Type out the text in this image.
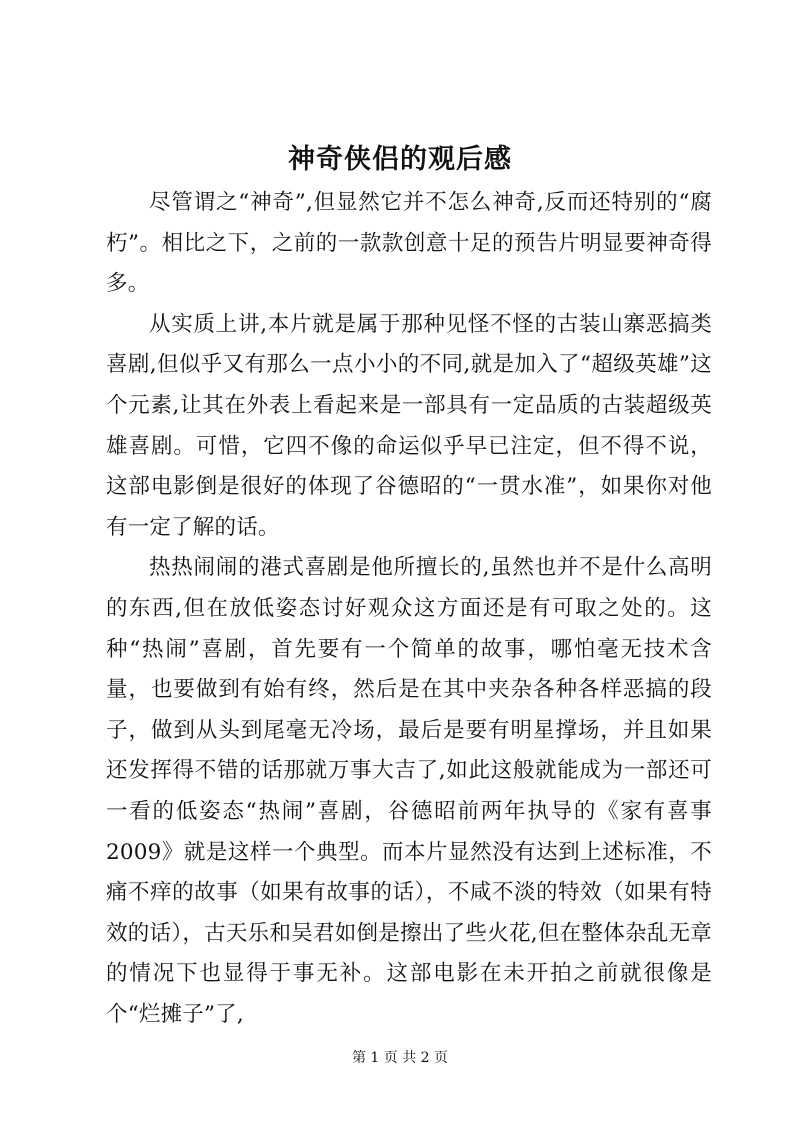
神奇侠侣的观后感

尽管谓之“神奇”,但显然它并不怎么神奇,反而还特别的“腐朽”。相比之下，之前的一款款创意十足的预告片明显要神奇得多。

从实质上讲,本片就是属于那种见怪不怪的古装山寨恶搞类喜剧,但似乎又有那么一点小小的不同,就是加入了“超级英雄”这个元素,让其在外表上看起来是一部具有一定品质的古装超级英雄喜剧。可惜，它四不像的命运似乎早已注定，但不得不说，这部电影倒是很好的体现了谷德昭的“一贯水准”，如果你对他有一定了解的话。

热热闹闹的港式喜剧是他所擅长的,虽然也并不是什么高明的东西,但在放低姿态讨好观众这方面还是有可取之处的。这种“热闹”喜剧，首先要有一个简单的故事，哪怕毫无技术含量，也要做到有始有终，然后是在其中夹杂各种各样恶搞的段子，做到从头到尾毫无冷场，最后是要有明星撑场，并且如果还发挥得不错的话那就万事大吉了,如此这般就能成为一部还可一看的低姿态“热闹”喜剧，谷德昭前两年执导的《家有喜事2009》就是这样一个典型。而本片显然没有达到上述标准，不痛不痒的故事（如果有故事的话），不咸不淡的特效（如果有特效的话），古天乐和吴君如倒是擦出了些火花,但在整体杂乱无章的情况下也显得于事无补。这部电影在未开拍之前就很像是个“烂摊子”了,

第 1 页 共 2 页
